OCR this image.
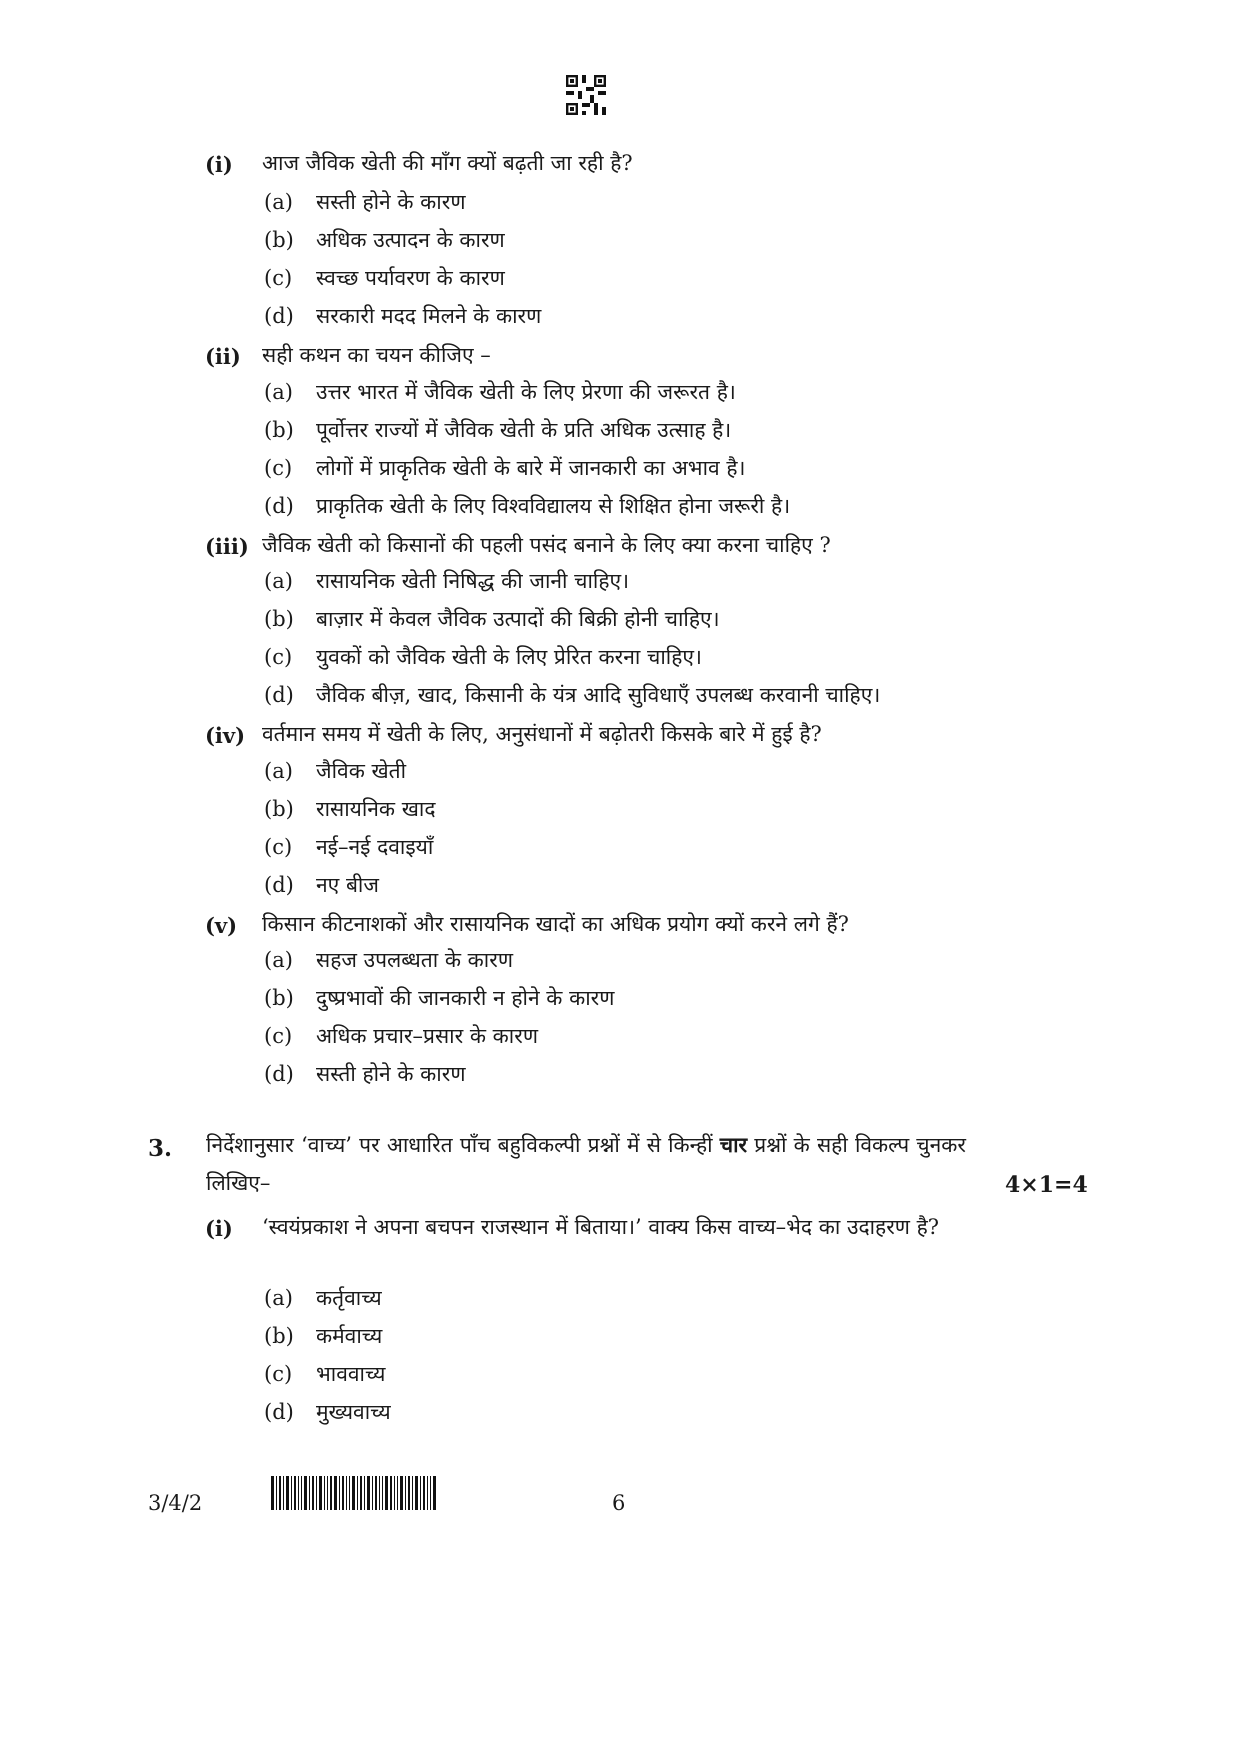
(i) आज जैविक खेती की माँग क्यों बढ़ती जा रही है?
(a) सस्ती होने के कारण
(b) अधिक उत्पादन के कारण
(c) स्वच्छ पर्यावरण के कारण
(d) सरकारी मदद मिलने के कारण
(ii) सही कथन का चयन कीजिए –
(a) उत्तर भारत में जैविक खेती के लिए प्रेरणा की जरूरत है।
(b) पूर्वोत्तर राज्यों में जैविक खेती के प्रति अधिक उत्साह है।
(c) लोगों में प्राकृतिक खेती के बारे में जानकारी का अभाव है।
(d) प्राकृतिक खेती के लिए विश्वविद्यालय से शिक्षित होना जरूरी है।
(iii) जैविक खेती को किसानों की पहली पसंद बनाने के लिए क्या करना चाहिए ?
(a) रासायनिक खेती निषिद्ध की जानी चाहिए।
(b) बाज़ार में केवल जैविक उत्पादों की बिक्री होनी चाहिए।
(c) युवकों को जैविक खेती के लिए प्रेरित करना चाहिए।
(d) जैविक बीज़, खाद, किसानी के यंत्र आदि सुविधाएँ उपलब्ध करवानी चाहिए।
(iv) वर्तमान समय में खेती के लिए, अनुसंधानों में बढ़ोतरी किसके बारे में हुई है?
(a) जैविक खेती
(b) रासायनिक खाद
(c) नई–नई दवाइयाँ
(d) नए बीज
(v) किसान कीटनाशकों और रासायनिक खादों का अधिक प्रयोग क्यों करने लगे हैं?
(a) सहज उपलब्धता के कारण
(b) दुष्प्रभावों की जानकारी न होने के कारण
(c) अधिक प्रचार–प्रसार के कारण
(d) सस्ती होने के कारण
3. निर्देशानुसार ‘वाच्य’ पर आधारित पाँच बहुविकल्पी प्रश्नों में से किन्हीं चार प्रश्नों के सही विकल्प चुनकर लिखिए–	4×1=4
(i) ‘स्वयंप्रकाश ने अपना बचपन राजस्थान में बिताया।’ वाक्य किस वाच्य–भेद का उदाहरण है?
(a) कर्तृवाच्य
(b) कर्मवाच्य
(c) भाववाच्य
(d) मुख्यवाच्य
3/4/2	6
